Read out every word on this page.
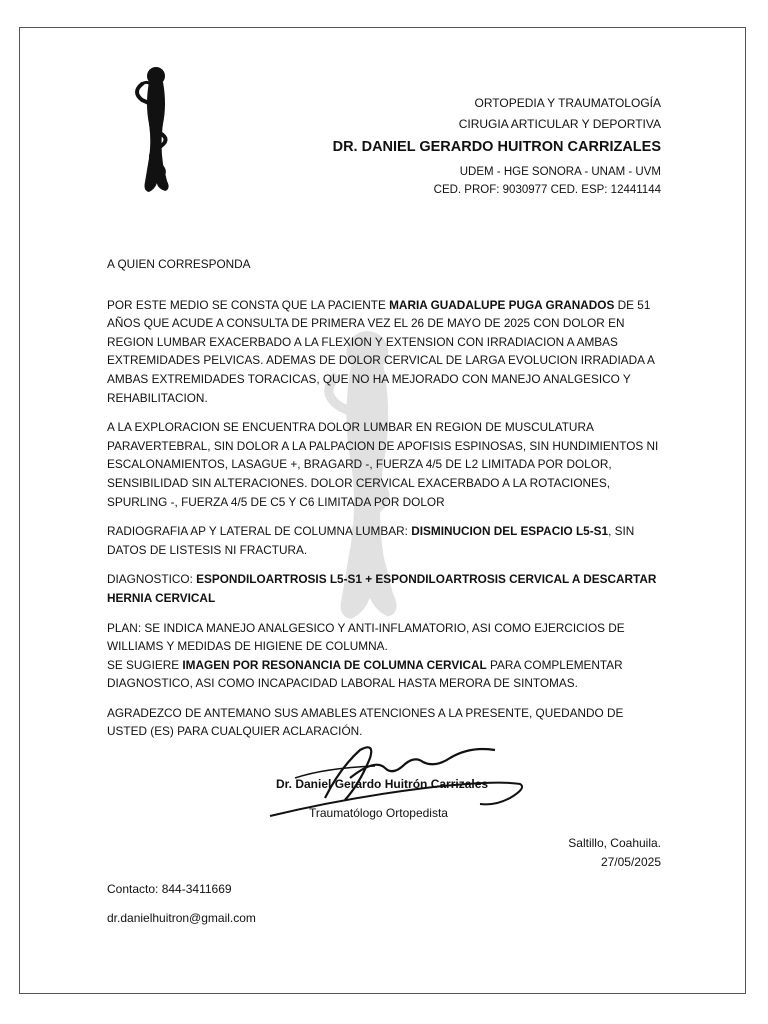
ORTOPEDIA Y TRAUMATOLOGÍA
CIRUGIA ARTICULAR Y DEPORTIVA
DR. DANIEL GERARDO HUITRON CARRIZALES
UDEM - HGE SONORA - UNAM - UVM
CED. PROF: 9030977 CED. ESP: 12441144

A QUIEN CORRESPONDA

POR ESTE MEDIO SE CONSTA QUE LA PACIENTE MARIA GUADALUPE PUGA GRANADOS DE 51 AÑOS QUE ACUDE A CONSULTA DE PRIMERA VEZ EL 26 DE MAYO DE 2025 CON DOLOR EN REGION LUMBAR EXACERBADO A LA FLEXION Y EXTENSION CON IRRADIACION A AMBAS EXTREMIDADES PELVICAS. ADEMAS DE DOLOR CERVICAL DE LARGA EVOLUCION IRRADIADA A AMBAS EXTREMIDADES TORACICAS, QUE NO HA MEJORADO CON MANEJO ANALGESICO Y REHABILITACION.

A LA EXPLORACION SE ENCUENTRA DOLOR LUMBAR EN REGION DE MUSCULATURA PARAVERTEBRAL, SIN DOLOR A LA PALPACION DE APOFISIS ESPINOSAS, SIN HUNDIMIENTOS NI ESCALONAMIENTOS, LASAGUE +, BRAGARD -, FUERZA 4/5 DE L2 LIMITADA POR DOLOR, SENSIBILIDAD SIN ALTERACIONES. DOLOR CERVICAL EXACERBADO A LA ROTACIONES, SPURLING -, FUERZA 4/5 DE C5 Y C6 LIMITADA POR DOLOR

RADIOGRAFIA AP Y LATERAL DE COLUMNA LUMBAR: DISMINUCION DEL ESPACIO L5-S1, SIN DATOS DE LISTESIS NI FRACTURA.

DIAGNOSTICO: ESPONDILOARTROSIS L5-S1 + ESPONDILOARTROSIS CERVICAL A DESCARTAR HERNIA CERVICAL

PLAN: SE INDICA MANEJO ANALGESICO Y ANTI-INFLAMATORIO, ASI COMO EJERCICIOS DE WILLIAMS Y MEDIDAS DE HIGIENE DE COLUMNA.
SE SUGIERE IMAGEN POR RESONANCIA DE COLUMNA CERVICAL PARA COMPLEMENTAR DIAGNOSTICO, ASI COMO INCAPACIDAD LABORAL HASTA MERORA DE SINTOMAS.

AGRADEZCO DE ANTEMANO SUS AMABLES ATENCIONES A LA PRESENTE, QUEDANDO DE USTED (ES) PARA CUALQUIER ACLARACIÓN.

Dr. Daniel Gerardo Huitrón Carrizales
Traumatólogo Ortopedista
Saltillo, Coahuila.
27/05/2025
Contacto: 844-3411669
dr.danielhuitron@gmail.com
